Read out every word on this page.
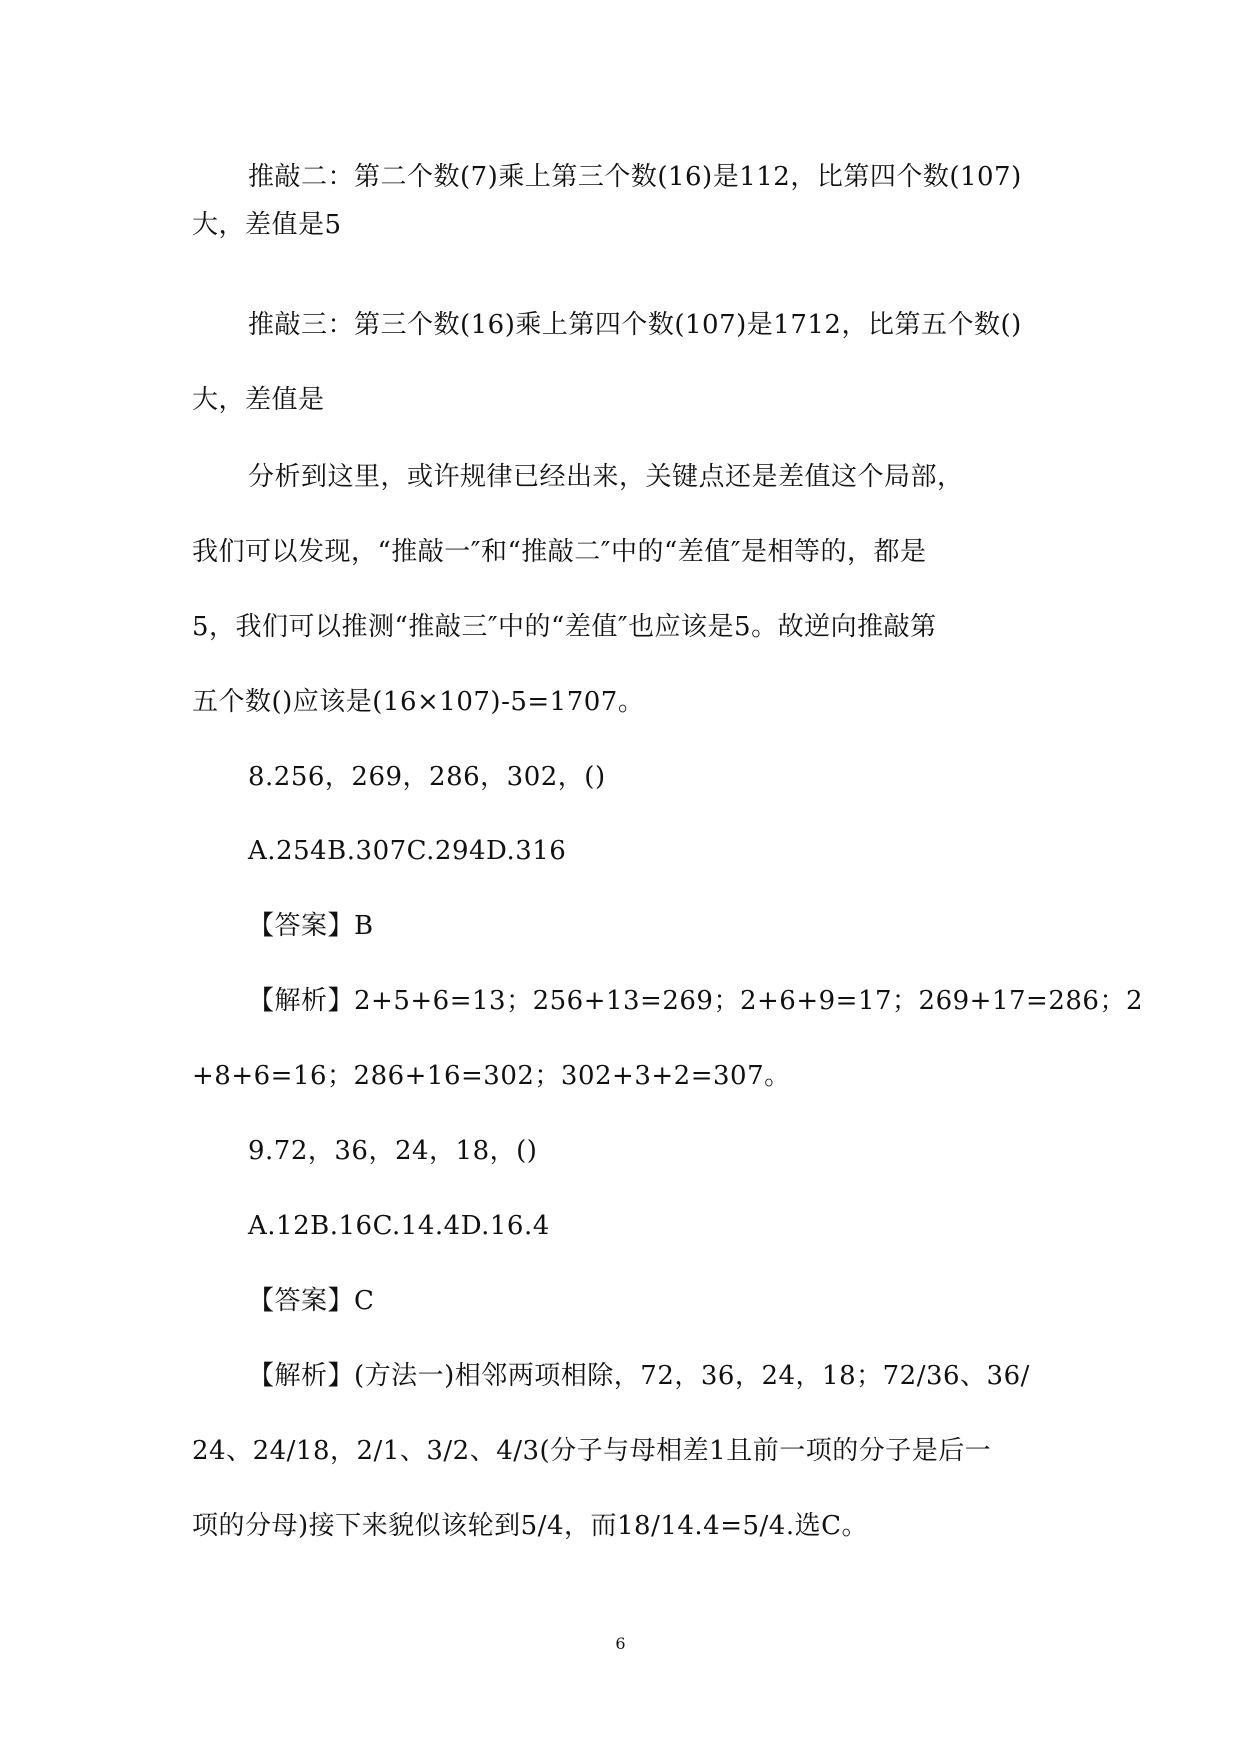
推敲二：第二个数(7)乘上第三个数(16)是112，比第四个数(107)
大，差值是5
推敲三：第三个数(16)乘上第四个数(107)是1712，比第五个数()
大，差值是
分析到这里，或许规律已经出来，关键点还是差值这个局部，
我们可以发现，“推敲一″和“推敲二″中的“差值″是相等的，都是
5，我们可以推测“推敲三″中的“差值″也应该是5。故逆向推敲第
五个数()应该是(16×107)-5=1707。
8.256，269，286，302，()
A.254B.307C.294D.316
【答案】B
【解析】2+5+6=13；256+13=269；2+6+9=17；269+17=286；2
+8+6=16；286+16=302；302+3+2=307。
9.72，36，24，18，()
A.12B.16C.14.4D.16.4
【答案】C
【解析】(方法一)相邻两项相除，72，36，24，18；72/36、36/
24、24/18，2/1、3/2、4/3(分子与母相差1且前一项的分子是后一
项的分母)接下来貌似该轮到5/4，而18/14.4=5/4.选C。
6
